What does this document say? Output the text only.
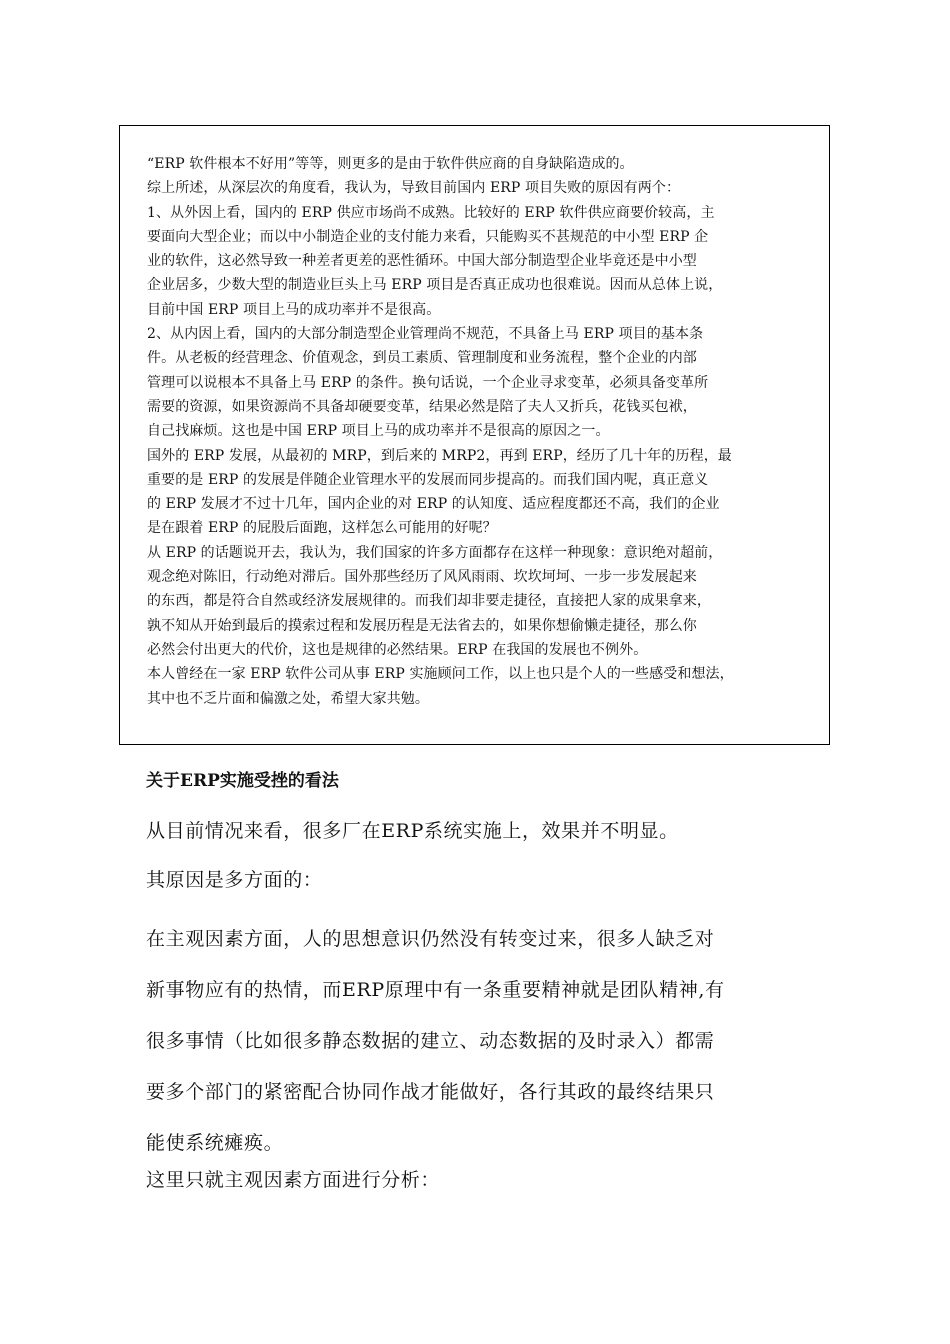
“ERP 软件根本不好用”等等，则更多的是由于软件供应商的自身缺陷造成的。

综上所述，从深层次的角度看，我认为，导致目前国内 ERP 项目失败的原因有两个：

1、从外因上看，国内的 ERP 供应市场尚不成熟。比较好的 ERP 软件供应商要价较高，主
要面向大型企业；而以中小制造企业的支付能力来看，只能购买不甚规范的中小型 ERP 企
业的软件，这必然导致一种差者更差的恶性循环。中国大部分制造型企业毕竟还是中小型
企业居多，少数大型的制造业巨头上马 ERP 项目是否真正成功也很难说。因而从总体上说，
目前中国 ERP 项目上马的成功率并不是很高。

2、从内因上看，国内的大部分制造型企业管理尚不规范，不具备上马 ERP 项目的基本条
件。从老板的经营理念、价值观念，到员工素质、管理制度和业务流程，整个企业的内部
管理可以说根本不具备上马 ERP 的条件。换句话说，一个企业寻求变革，必须具备变革所
需要的资源，如果资源尚不具备却硬要变革，结果必然是陪了夫人又折兵，花钱买包袱，
自己找麻烦。这也是中国 ERP 项目上马的成功率并不是很高的原因之一。

国外的 ERP 发展，从最初的 MRP，到后来的 MRP2，再到 ERP，经历了几十年的历程，最
重要的是 ERP 的发展是伴随企业管理水平的发展而同步提高的。而我们国内呢，真正意义
的 ERP 发展才不过十几年，国内企业的对 ERP 的认知度、适应程度都还不高，我们的企业
是在跟着 ERP 的屁股后面跑，这样怎么可能用的好呢？

从 ERP 的话题说开去，我认为，我们国家的许多方面都存在这样一种现象：意识绝对超前，
观念绝对陈旧，行动绝对滞后。国外那些经历了风风雨雨、坎坎坷坷、一步一步发展起来
的东西，都是符合自然或经济发展规律的。而我们却非要走捷径，直接把人家的成果拿来，
孰不知从开始到最后的摸索过程和发展历程是无法省去的，如果你想偷懒走捷径，那么你
必然会付出更大的代价，这也是规律的必然结果。ERP 在我国的发展也不例外。

本人曾经在一家 ERP 软件公司从事 ERP 实施顾问工作，以上也只是个人的一些感受和想法，
其中也不乏片面和偏激之处，希望大家共勉。

关于ERP实施受挫的看法

从目前情况来看，很多厂在ERP系统实施上，效果并不明显。

其原因是多方面的：

在主观因素方面，人的思想意识仍然没有转变过来，很多人缺乏对
新事物应有的热情，而ERP原理中有一条重要精神就是团队精神,有
很多事情（比如很多静态数据的建立、动态数据的及时录入）都需
要多个部门的紧密配合协同作战才能做好，各行其政的最终结果只
能使系统瘫痪。

这里只就主观因素方面进行分析：
